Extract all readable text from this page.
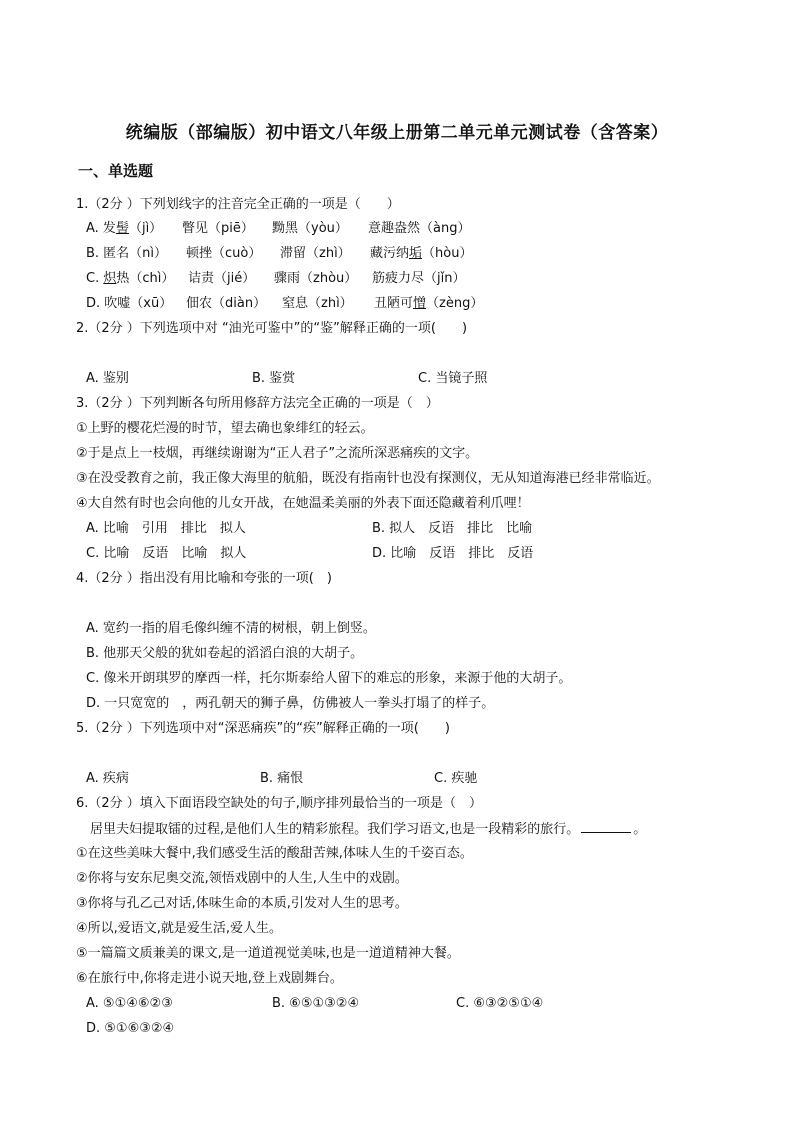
统编版（部编版）初中语文八年级上册第二单元单元测试卷（含答案）
一、单选题
1.（2分 ）下列划线字的注音完全正确的一项是（　　）
A. 发髻（jì） 瞥见（piē） 黝黑（yòu） 意趣盎然（àng）
B. 匿名（nì） 顿挫（cuò） 滞留（zhì） 藏污纳垢（hòu）
C. 炽热（chì） 诘责（jié） 骤雨（zhòu） 筋疲力尽（jǐn）
D. 吹嘘（xū） 佃农（diàn） 窒息（zhì） 丑陋可憎（zèng）
2.（2分 ）下列选项中对 “油光可鉴中”的“鉴”解释正确的一项(　　)
A. 鉴别	B. 鉴赏	C. 当镜子照
3.（2分 ）下列判断各句所用修辞方法完全正确的一项是（　）
①上野的樱花烂漫的时节，望去确也象绯红的轻云。
②于是点上一枝烟，再继续谢谢为“正人君子”之流所深恶痛疾的文字。
③在没受教育之前，我正像大海里的航船，既没有指南针也没有探测仪，无从知道海港已经非常临近。
④大自然有时也会向他的儿女开战，在她温柔美丽的外表下面还隐藏着利爪哩！
A. 比喻　引用　排比　拟人	B. 拟人　反语　排比　比喻
C. 比喻　反语　比喻　拟人	D. 比喻　反语　排比　反语
4.（2分 ）指出没有用比喻和夸张的一项(　)
A. 宽约一指的眉毛像纠缠不清的树根，朝上倒竖。
B. 他那天父般的犹如卷起的滔滔白浪的大胡子。
C. 像米开朗琪罗的摩西一样，托尔斯泰给人留下的难忘的形象，来源于他的大胡子。
D. 一只宽宽的　，两孔朝天的狮子鼻，仿佛被人一拳头打塌了的样子。
5.（2分 ）下列选项中对“深恶痛疾”的“疾”解释正确的一项(　　)
A. 疾病	B. 痛恨	C. 疾驰
6.（2分 ）填入下面语段空缺处的句子,顺序排列最恰当的一项是（　）
居里夫妇提取镭的过程,是他们人生的精彩旅程。我们学习语文,也是一段精彩的旅行。	。
①在这些美味大餐中,我们感受生活的酸甜苦辣,体味人生的千姿百态。
②你将与安东尼奥交流,领悟戏剧中的人生,人生中的戏剧。
③你将与孔乙己对话,体味生命的本质,引发对人生的思考。
④所以,爱语文,就是爱生活,爱人生。
⑤一篇篇文质兼美的课文,是一道道视觉美味,也是一道道精神大餐。
⑥在旅行中,你将走进小说天地,登上戏剧舞台。
A. ⑤①④⑥②③	B. ⑥⑤①③②④	C. ⑥③②⑤①④
D. ⑤①⑥③②④
